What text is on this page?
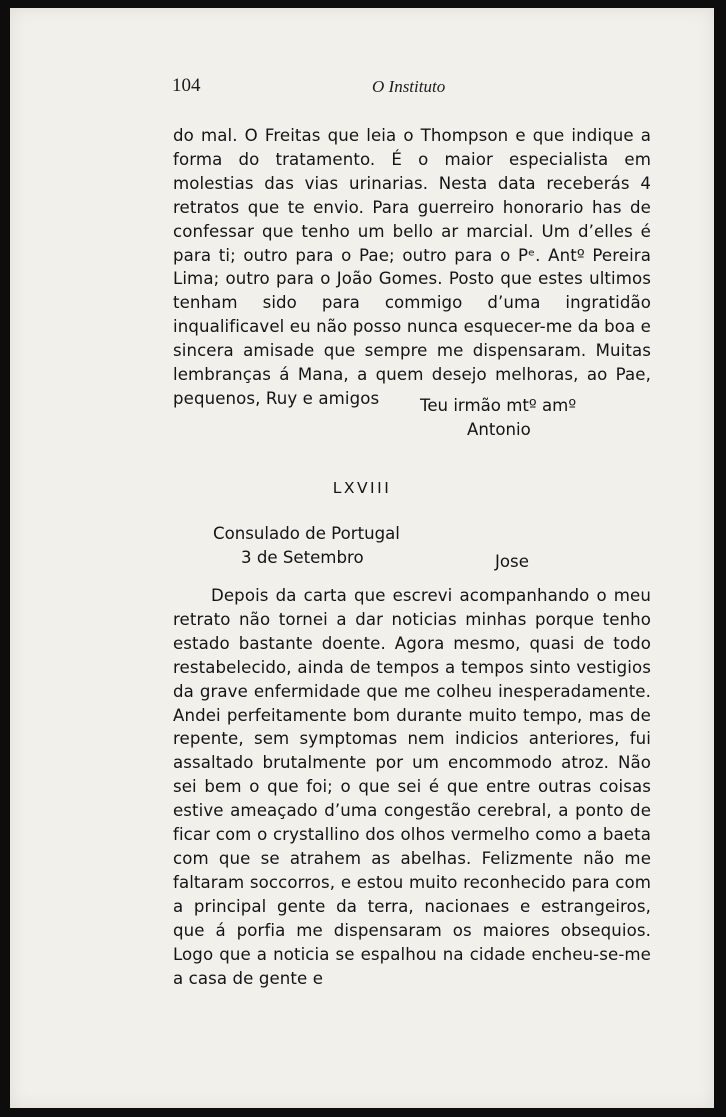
104	O Instituto

do mal. O Freitas que leia o Thompson e que indique a forma do tratamento. É o maior especialista em molestias das vias urinarias. Nesta data receberás 4 retratos que te envio. Para guerreiro honorario has de confessar que tenho um bello ar marcial. Um d’elles é para ti; outro para o Pae; outro para o Pᵉ. Antº Pereira Lima; outro para o João Gomes. Posto que estes ultimos tenham sido para commigo d’uma ingratidão inqualificavel eu não posso nunca esquecer-me da boa e sincera amisade que sempre me dispensaram. Muitas lembranças á Mana, a quem desejo melhoras, ao Pae, pequenos, Ruy e amigos	Teu irmão mtº amº
Antonio
LXVIII
Consulado de Portugal
3 de Setembro	Jose

Depois da carta que escrevi acompanhando o meu retrato não tornei a dar noticias minhas porque tenho estado bastante doente. Agora mesmo, quasi de todo restabelecido, ainda de tempos a tempos sinto vestigios da grave enfermidade que me colheu inesperadamente. Andei perfeitamente bom durante muito tempo, mas de repente, sem symptomas nem indicios anteriores, fui assaltado brutalmente por um encommodo atroz. Não sei bem o que foi; o que sei é que entre outras coisas estive ameaçado d’uma congestão cerebral, a ponto de ficar com o crystallino dos olhos vermelho como a baeta com que se atrahem as abelhas. Felizmente não me faltaram soccorros, e estou muito reconhecido para com a principal gente da terra, nacionaes e estrangeiros, que á porfia me dispensaram os maiores obsequios. Logo que a noticia se espalhou na cidade encheu-se-me a casa de gente e
